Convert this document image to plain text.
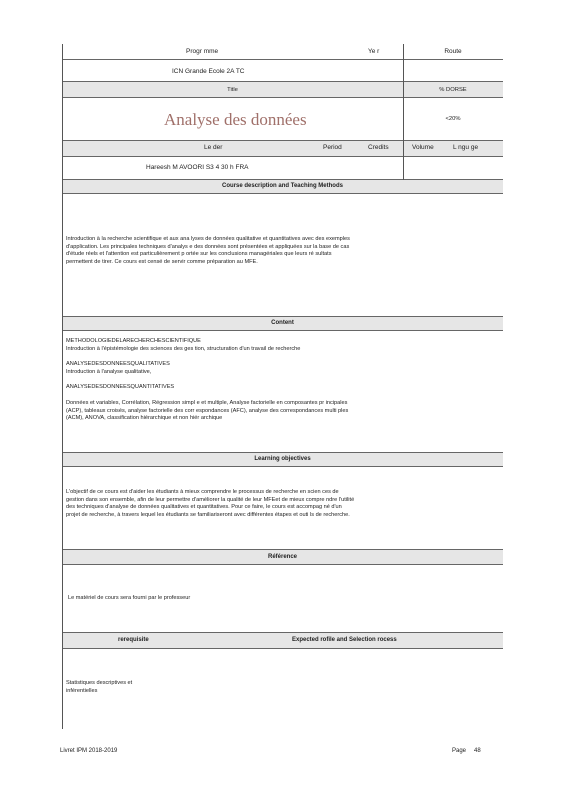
Progr mme	Ye r	Route
ICN Grande Ecole 2A TC
Title	% DORSE
Analyse des données	<20%
Le der	Period	Credits	Volume	L ngu ge
Hareesh M AVOORI S3 4 30 h FRA
Course description and Teaching Methods
Introduction à la recherche scientifique et aux ana lyses de données qualitative et quantitatives avec des exemples
d'application. Les principales techniques d'analys e des données sont présentées et appliquées sur la base de cas
d'étude réels et l'attention est particulièrement p ortée sur les conclusions managériales que leurs ré sultats
permettent de tirer. Ce cours est censé de servir comme préparation au MFE.
Content
METHODOLOGIEDELARECHERCHESCIENTIFIQUE
Introduction à l'épistémologie des sciences des ges tion, structuration d'un travail de recherche
ANALYSEDESDONNEESQUALITATIVES
Introduction à l'analyse qualitative,
ANALYSEDESDONNEESQUANTITATIVES
Données et variables, Corrélation, Régression simpl e et multiple, Analyse factorielle en composantes pr incipales
(ACP), tableaux croisés, analyse factorielle des corr espondances (AFC), analyse des correspondances multi ples
(ACM), ANOVA, classification hiérarchique et non hiér archique
Learning objectives
L'objectif de ce cours est d'aider les étudiants à mieux comprendre le processus de recherche en scien ces de
gestion dans son ensemble, afin de leur permettre d'améliorer la qualité de leur MFEet de mieux compre ndre l'utilité
des techniques d'analyse de données qualitatives et quantitatives. Pour ce faire, le cours est accompag né d'un
projet de recherche, à travers lequel les étudiants se familiariseront avec différentes étapes et outi ls de recherche.
Référence
Le matériel de cours sera fourni par le professeur
rerequisite	Expected rofile and Selection rocess
Statistiques descriptives et
inférentielles
Livret IPM 2018-2019	Page 48
